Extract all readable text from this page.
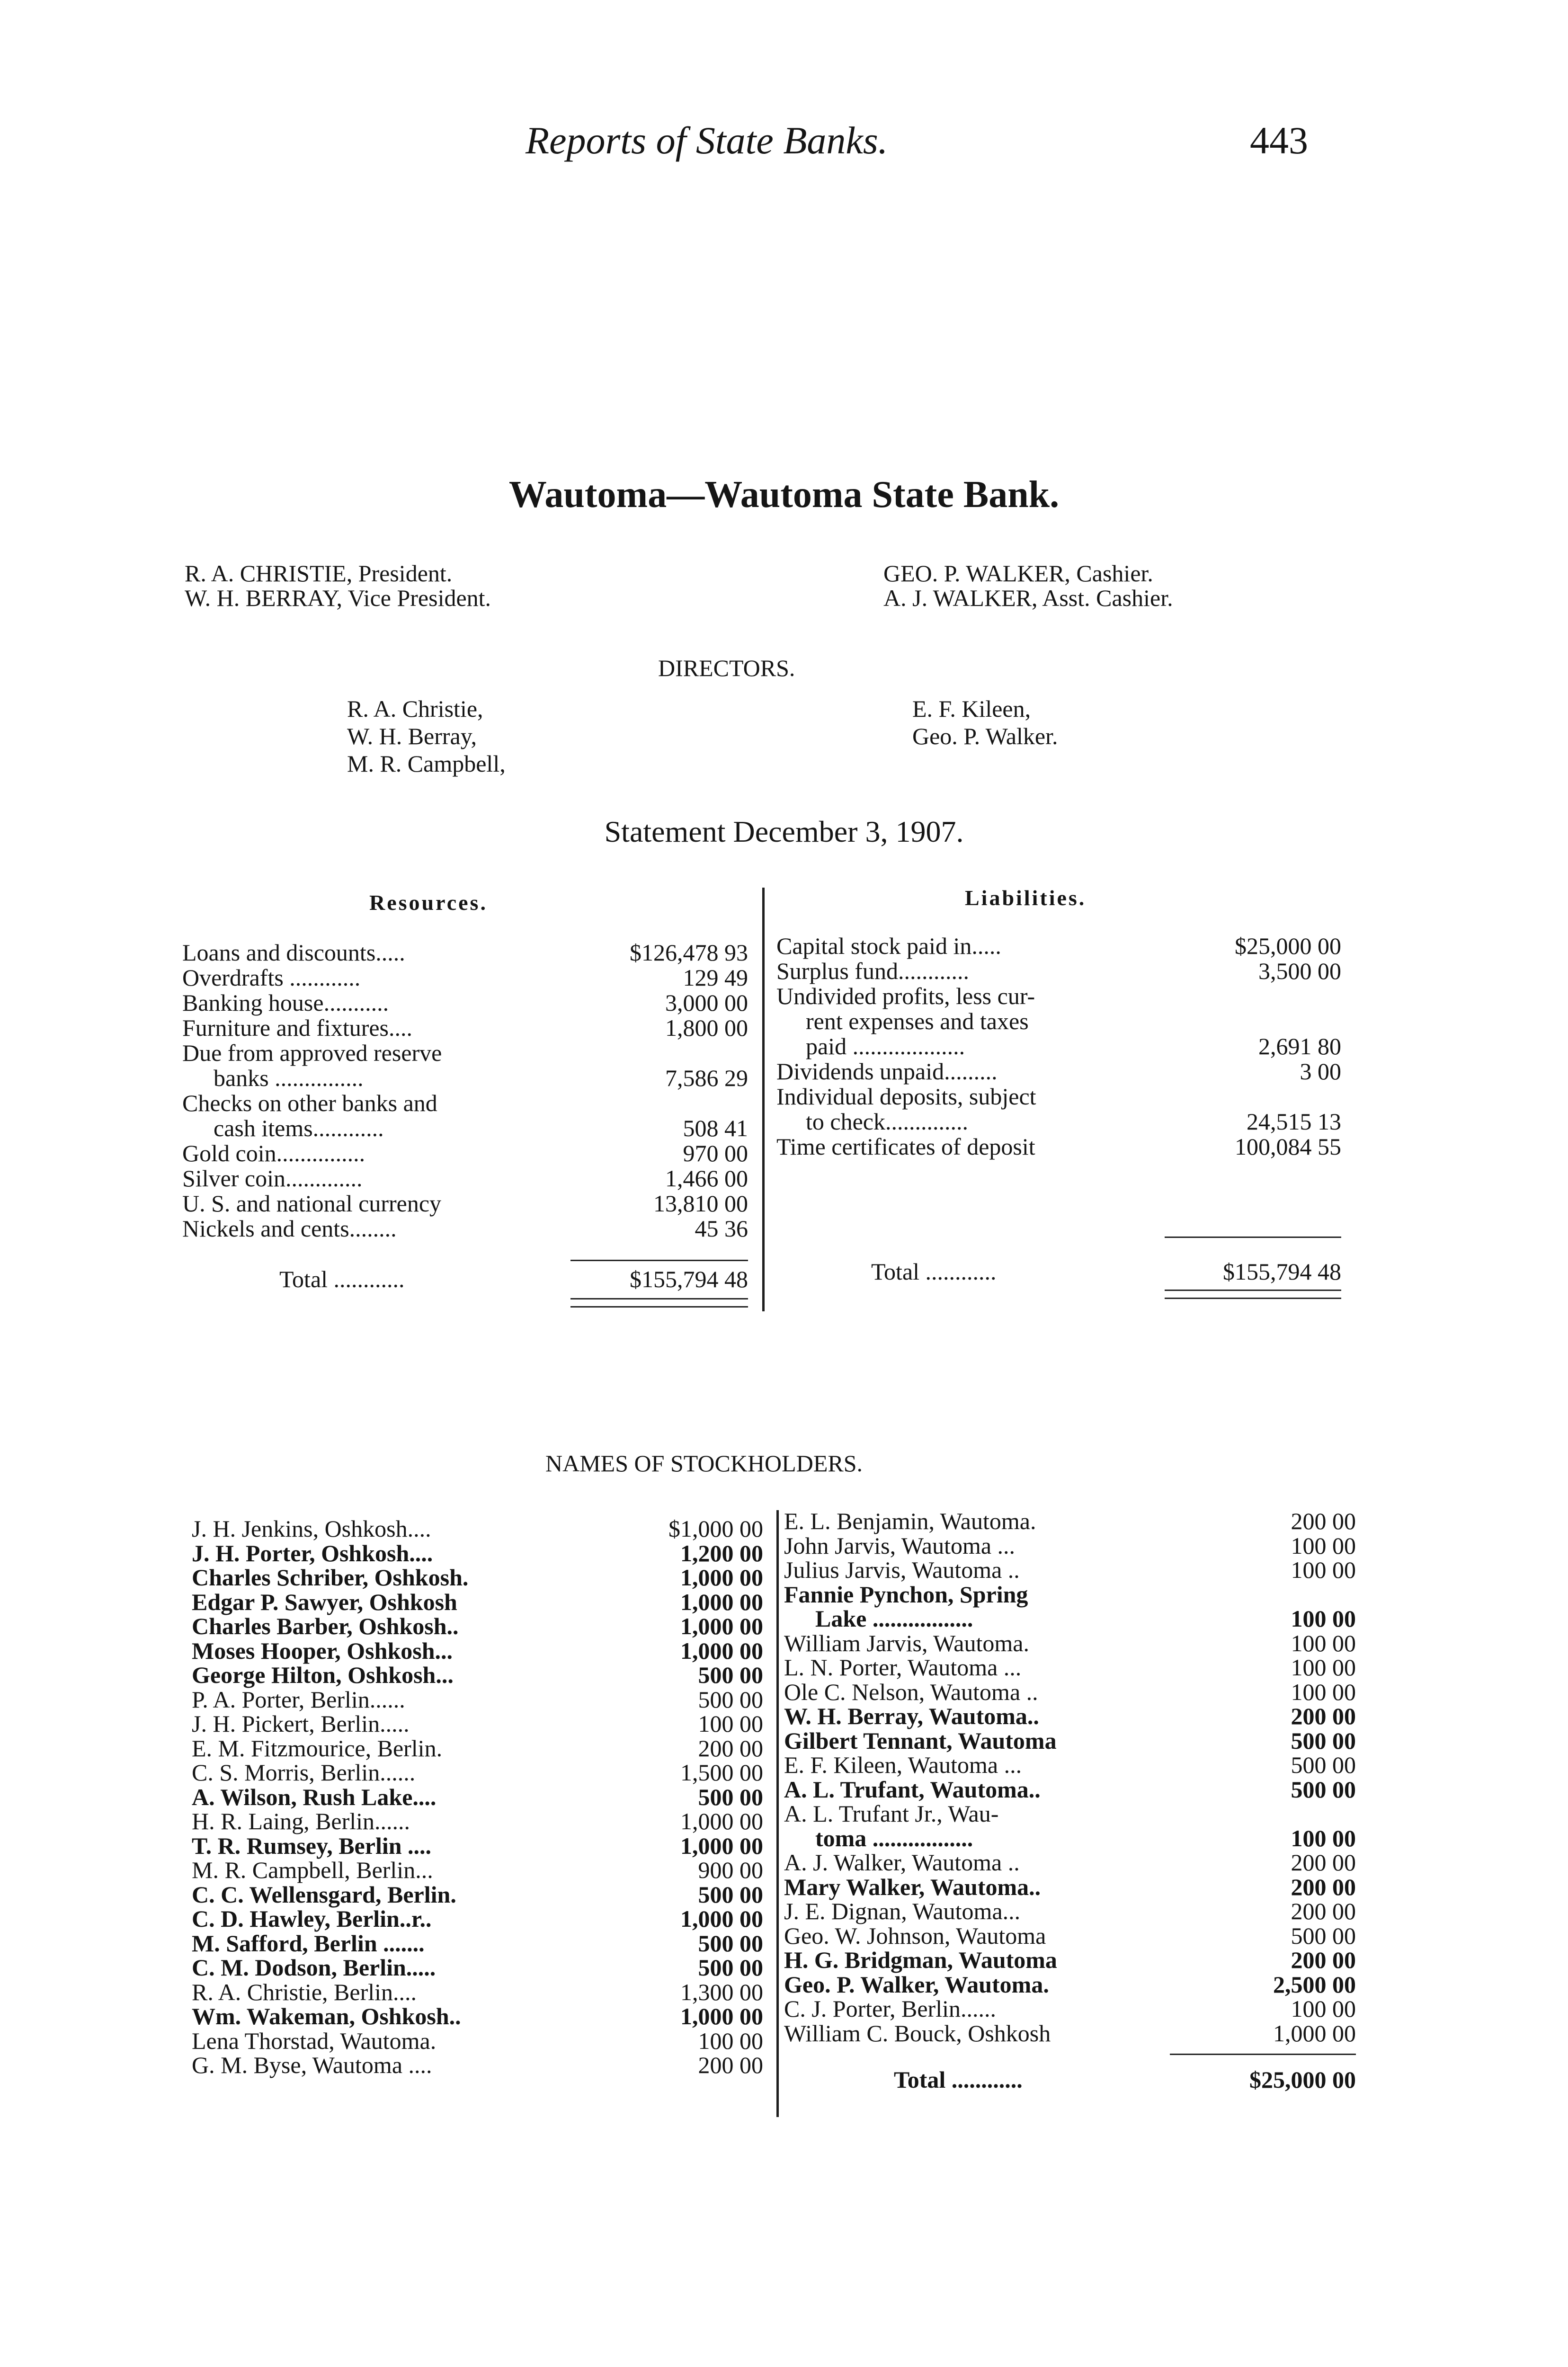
Reports of State Banks.	443
Wautoma—Wautoma State Bank.
R. A. CHRISTIE, President.
W. H. BERRAY, Vice President.
GEO. P. WALKER, Cashier.
A. J. WALKER, Asst. Cashier.
DIRECTORS.
R. A. Christie,
W. H. Berray,
M. R. Campbell,
E. F. Kileen,
Geo. P. Walker.
Statement December 3, 1907.
Resources.	Liabilities.
Loans and discounts.....	$126,478 93
Overdrafts ............	129 49
Banking house...........	3,000 00
Furniture and fixtures....	1,800 00
Due from approved reserve
banks ...............	7,586 29
Checks on other banks and
cash items............	508 41
Gold coin...............	970 00
Silver coin.............	1,466 00
U. S. and national currency	13,810 00
Nickels and cents........	45 36
Total ............	$155,794 48
Capital stock paid in.....	$25,000 00
Surplus fund............	3,500 00
Undivided profits, less cur-
rent expenses and taxes
paid ...................	2,691 80
Dividends unpaid.........	3 00
Individual deposits, subject
to check..............	24,515 13
Time certificates of deposit	100,084 55
Total ............	$155,794 48
NAMES OF STOCKHOLDERS.
J. H. Jenkins, Oshkosh....	$1,000 00
J. H. Porter, Oshkosh....	1,200 00
Charles Schriber, Oshkosh.	1,000 00
Edgar P. Sawyer, Oshkosh	1,000 00
Charles Barber, Oshkosh..	1,000 00
Moses Hooper, Oshkosh...	1,000 00
George Hilton, Oshkosh...	500 00
P. A. Porter, Berlin......	500 00
J. H. Pickert, Berlin.....	100 00
E. M. Fitzmourice, Berlin.	200 00
C. S. Morris, Berlin......	1,500 00
A. Wilson, Rush Lake....	500 00
H. R. Laing, Berlin......	1,000 00
T. R. Rumsey, Berlin ....	1,000 00
M. R. Campbell, Berlin...	900 00
C. C. Wellensgard, Berlin.	500 00
C. D. Hawley, Berlin..r..	1,000 00
M. Safford, Berlin .......	500 00
C. M. Dodson, Berlin.....	500 00
R. A. Christie, Berlin....	1,300 00
Wm. Wakeman, Oshkosh..	1,000 00
Lena Thorstad, Wautoma.	100 00
G. M. Byse, Wautoma ....	200 00
E. L. Benjamin, Wautoma.	200 00
John Jarvis, Wautoma ...	100 00
Julius Jarvis, Wautoma ..	100 00
Fannie Pynchon, Spring
Lake .................	100 00
William Jarvis, Wautoma.	100 00
L. N. Porter, Wautoma ...	100 00
Ole C. Nelson, Wautoma ..	100 00
W. H. Berray, Wautoma..	200 00
Gilbert Tennant, Wautoma	500 00
E. F. Kileen, Wautoma ...	500 00
A. L. Trufant, Wautoma..	500 00
A. L. Trufant Jr., Wau-
toma .................	100 00
A. J. Walker, Wautoma ..	200 00
Mary Walker, Wautoma..	200 00
J. E. Dignan, Wautoma...	200 00
Geo. W. Johnson, Wautoma	500 00
H. G. Bridgman, Wautoma	200 00
Geo. P. Walker, Wautoma.	2,500 00
C. J. Porter, Berlin......	100 00
William C. Bouck, Oshkosh	1,000 00
Total ............	$25,000 00
